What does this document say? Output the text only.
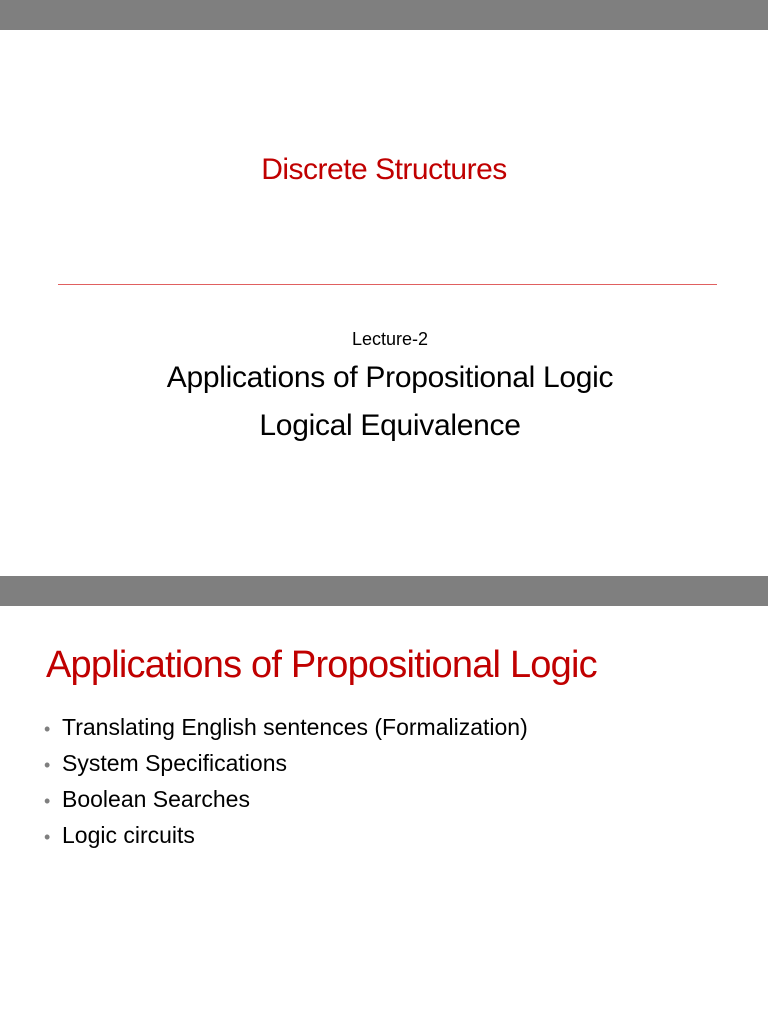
Discrete Structures
Lecture-2
Applications of Propositional Logic
Logical Equivalence
Applications of Propositional Logic
• Translating English sentences (Formalization)
• System Specifications
• Boolean Searches
• Logic circuits
